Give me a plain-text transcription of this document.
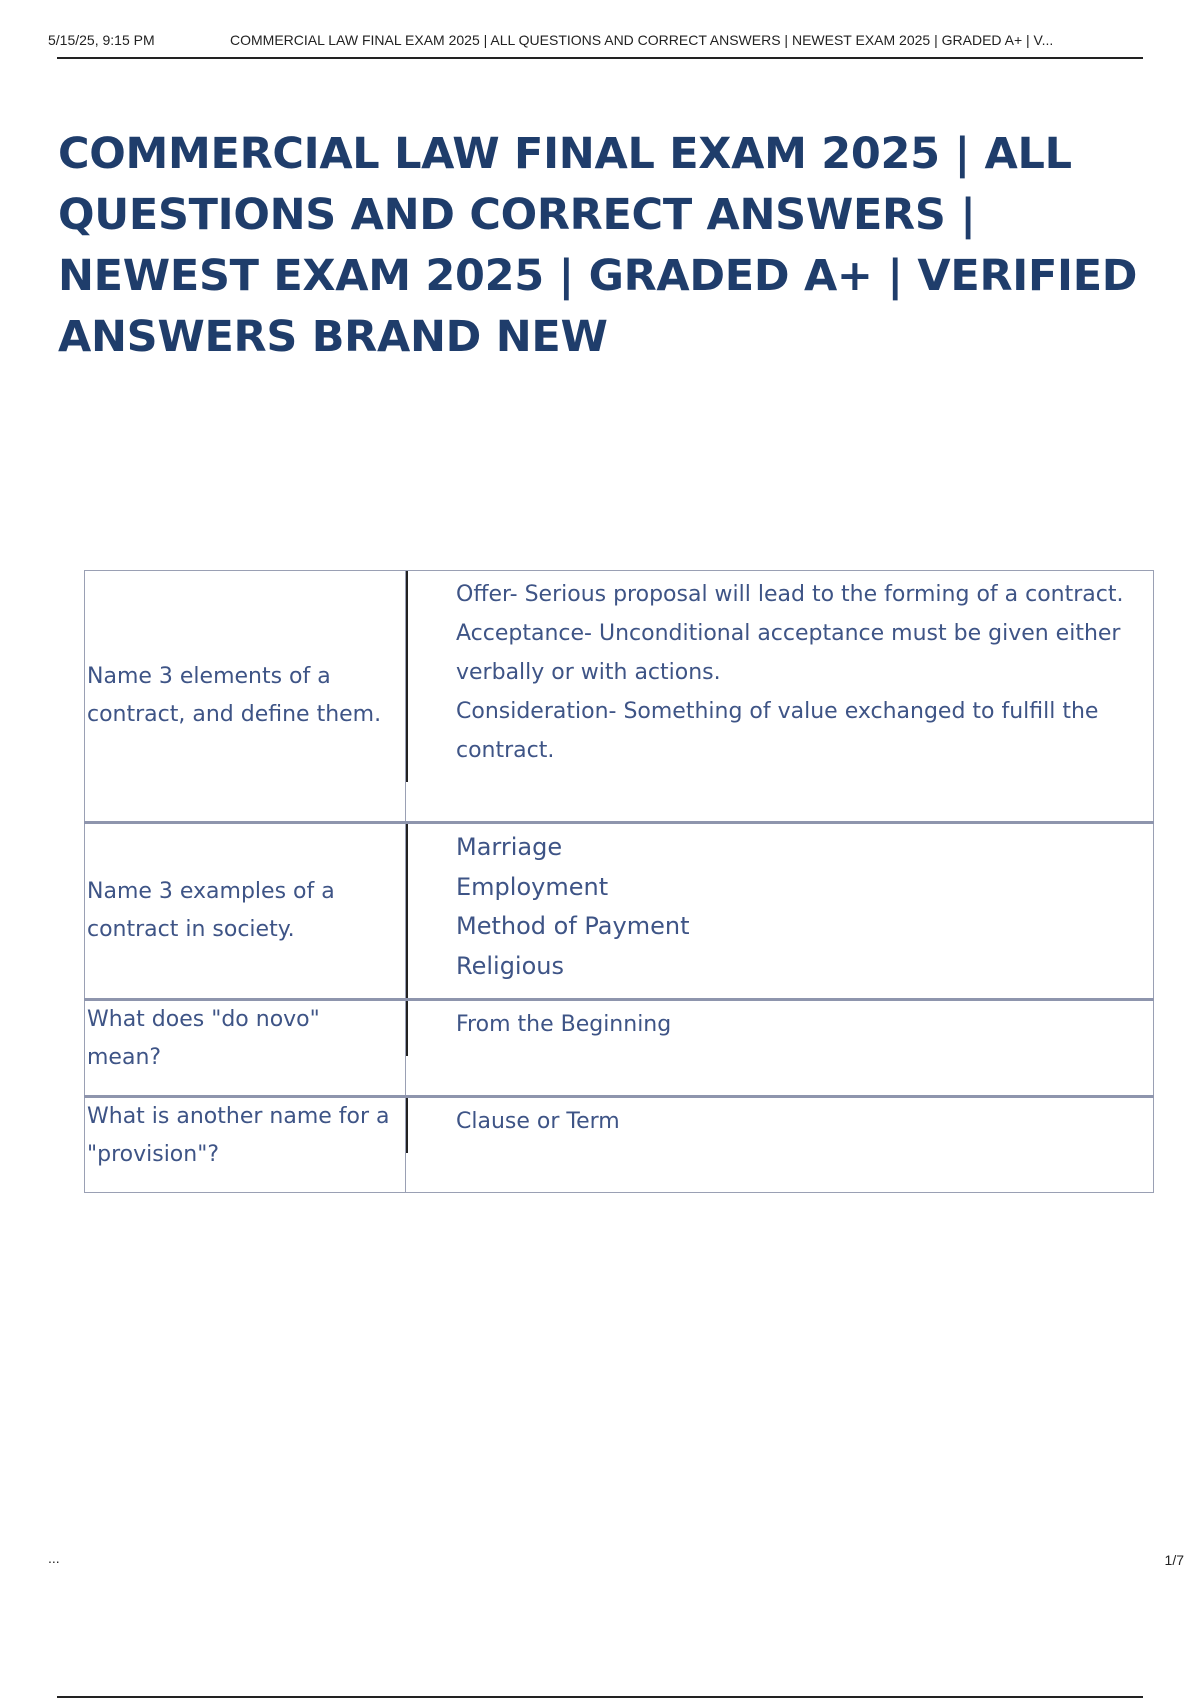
5/15/25, 9:15 PM	COMMERCIAL LAW FINAL EXAM 2025 | ALL QUESTIONS AND CORRECT ANSWERS | NEWEST EXAM 2025 | GRADED A+ | V...
COMMERCIAL LAW FINAL EXAM 2025 | ALL QUESTIONS AND CORRECT ANSWERS | NEWEST EXAM 2025 | GRADED A+ | VERIFIED ANSWERS BRAND NEW
Name 3 elements of a contract, and define them.	Offer- Serious proposal will lead to the forming of a contract.
Acceptance- Unconditional acceptance must be given either verbally or with actions.
Consideration- Something of value exchanged to fulfill the contract.

Name 3 examples of a contract in society.	Marriage
Employment
Method of Payment
Religious

What does "do novo" mean?	From the Beginning

What is another name for a "provision"?	Clause or Term
...	1/7
